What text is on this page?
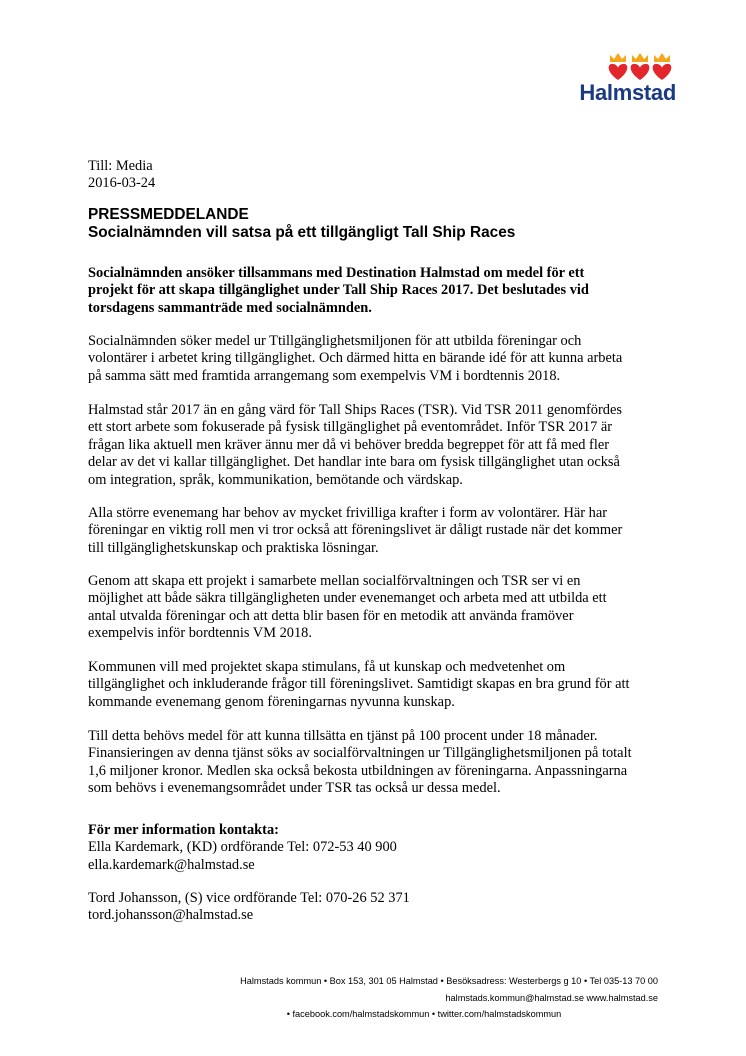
Halmstad
Till: Media
2016-03-24
PRESSMEDDELANDE
Socialnämnden vill satsa på ett tillgängligt Tall Ship Races
Socialnämnden ansöker tillsammans med Destination Halmstad om medel för ett
projekt för att skapa tillgänglighet under Tall Ship Races 2017. Det beslutades vid
torsdagens sammanträde med socialnämnden.
Socialnämnden söker medel ur Ttillgänglighetsmiljonen för att utbilda föreningar och
volontärer i arbetet kring tillgänglighet. Och därmed hitta en bärande idé för att kunna arbeta
på samma sätt med framtida arrangemang som exempelvis VM i bordtennis 2018.
Halmstad står 2017 än en gång värd för Tall Ships Races (TSR). Vid TSR 2011 genomfördes
ett stort arbete som fokuserade på fysisk tillgänglighet på eventområdet. Inför TSR 2017 är
frågan lika aktuell men kräver ännu mer då vi behöver bredda begreppet för att få med fler
delar av det vi kallar tillgänglighet. Det handlar inte bara om fysisk tillgänglighet utan också
om integration, språk, kommunikation, bemötande och värdskap.
Alla större evenemang har behov av mycket frivilliga krafter i form av volontärer. Här har
föreningar en viktig roll men vi tror också att föreningslivet är dåligt rustade när det kommer
till tillgänglighetskunskap och praktiska lösningar.
Genom att skapa ett projekt i samarbete mellan socialförvaltningen och TSR ser vi en
möjlighet att både säkra tillgängligheten under evenemanget och arbeta med att utbilda ett
antal utvalda föreningar och att detta blir basen för en metodik att använda framöver
exempelvis inför bordtennis VM 2018.
Kommunen vill med projektet skapa stimulans, få ut kunskap och medvetenhet om
tillgänglighet och inkluderande frågor till föreningslivet. Samtidigt skapas en bra grund för att
kommande evenemang genom föreningarnas nyvunna kunskap.
Till detta behövs medel för att kunna tillsätta en tjänst på 100 procent under 18 månader.
Finansieringen av denna tjänst söks av socialförvaltningen ur Tillgänglighetsmiljonen på totalt
1,6 miljoner kronor. Medlen ska också bekosta utbildningen av föreningarna. Anpassningarna
som behövs i evenemangsområdet under TSR tas också ur dessa medel.
För mer information kontakta:
Ella Kardemark, (KD) ordförande Tel: 072-53 40 900
ella.kardemark@halmstad.se
Tord Johansson, (S) vice ordförande Tel: 070-26 52 371
tord.johansson@halmstad.se
Halmstads kommun • Box 153, 301 05 Halmstad • Besöksadress: Westerbergs g 10 • Tel 035-13 70 00
halmstads.kommun@halmstad.se www.halmstad.se
• facebook.com/halmstadskommun • twitter.com/halmstadskommun
